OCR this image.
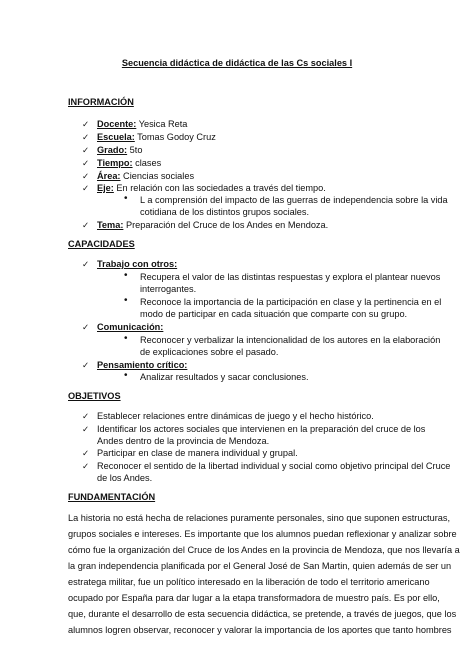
Secuencia didáctica de didáctica de las Cs sociales I
INFORMACIÓN
✓ Docente: Yesica Reta
✓ Escuela: Tomas Godoy Cruz
✓ Grado: 5to
✓ Tiempo: clases
✓ Área: Ciencias sociales
✓ Eje: En relación con las sociedades a través del tiempo.
• L a comprensión del impacto de las guerras de independencia sobre la vida
cotidiana de los distintos grupos sociales.
✓ Tema: Preparación del Cruce de los Andes en Mendoza.
CAPACIDADES
✓ Trabajo con otros:
• Recupera el valor de las distintas respuestas y explora el plantear nuevos
interrogantes.
• Reconoce la importancia de la participación en clase y la pertinencia en el
modo de participar en cada situación que comparte con su grupo.
✓ Comunicación:
• Reconocer y verbalizar la intencionalidad de los autores en la elaboración
de explicaciones sobre el pasado.
✓ Pensamiento crítico:
• Analizar resultados y sacar conclusiones.
OBJETIVOS
✓ Establecer relaciones entre dinámicas de juego y el hecho histórico.
✓ Identificar los actores sociales que intervienen en la preparación del cruce de los
Andes dentro de la provincia de Mendoza.
✓ Participar en clase de manera individual y grupal.
✓ Reconocer el sentido de la libertad individual y social como objetivo principal del Cruce
de los Andes.
FUNDAMENTACIÓN
La historia no está hecha de relaciones puramente personales, sino que suponen estructuras,
grupos sociales e intereses. Es importante que los alumnos puedan reflexionar y analizar sobre
cómo fue la organización del Cruce de los Andes en la provincia de Mendoza, que nos llevaría a
la gran independencia planificada por el General José de San Martin, quien además de ser un
estratega militar, fue un político interesado en la liberación de todo el territorio americano
ocupado por España para dar lugar a la etapa transformadora de muestro país. Es por ello,
que, durante el desarrollo de esta secuencia didáctica, se pretende, a través de juegos, que los
alumnos logren observar, reconocer y valorar la importancia de los aportes que tanto hombres
